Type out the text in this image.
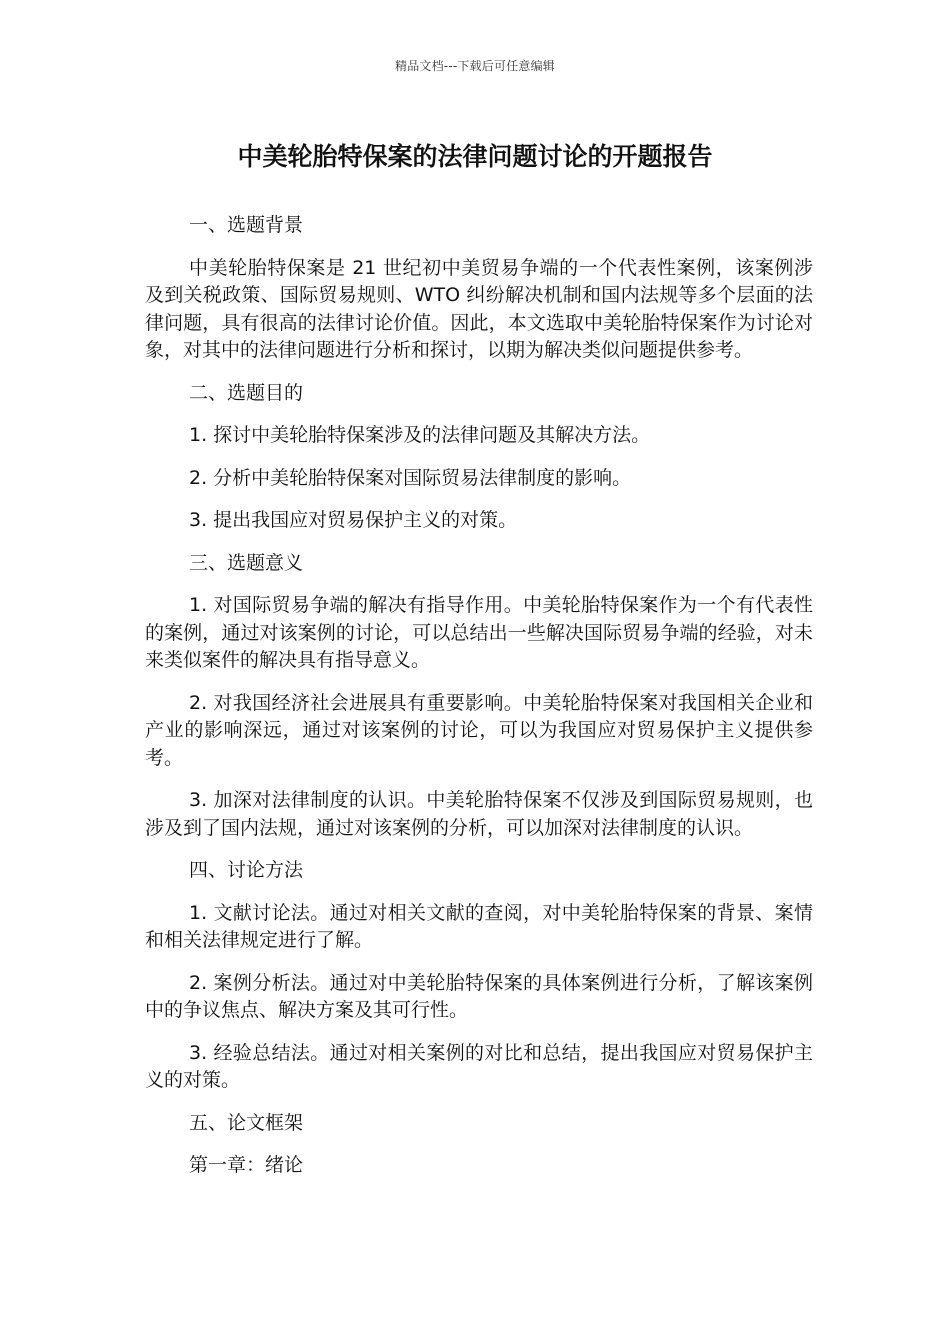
精品文档---下载后可任意编辑
中美轮胎特保案的法律问题讨论的开题报告

一、选题背景

中美轮胎特保案是 21 世纪初中美贸易争端的一个代表性案例，该案例涉及到关税政策、国际贸易规则、WTO 纠纷解决机制和国内法规等多个层面的法律问题，具有很高的法律讨论价值。因此，本文选取中美轮胎特保案作为讨论对象，对其中的法律问题进行分析和探讨，以期为解决类似问题提供参考。

二、选题目的

1. 探讨中美轮胎特保案涉及的法律问题及其解决方法。

2. 分析中美轮胎特保案对国际贸易法律制度的影响。

3. 提出我国应对贸易保护主义的对策。

三、选题意义

1. 对国际贸易争端的解决有指导作用。中美轮胎特保案作为一个有代表性的案例，通过对该案例的讨论，可以总结出一些解决国际贸易争端的经验，对未来类似案件的解决具有指导意义。

2. 对我国经济社会进展具有重要影响。中美轮胎特保案对我国相关企业和产业的影响深远，通过对该案例的讨论，可以为我国应对贸易保护主义提供参考。

3. 加深对法律制度的认识。中美轮胎特保案不仅涉及到国际贸易规则，也涉及到了国内法规，通过对该案例的分析，可以加深对法律制度的认识。

四、讨论方法

1. 文献讨论法。通过对相关文献的查阅，对中美轮胎特保案的背景、案情和相关法律规定进行了解。

2. 案例分析法。通过对中美轮胎特保案的具体案例进行分析，了解该案例中的争议焦点、解决方案及其可行性。

3. 经验总结法。通过对相关案例的对比和总结，提出我国应对贸易保护主义的对策。

五、论文框架

第一章：绪论
